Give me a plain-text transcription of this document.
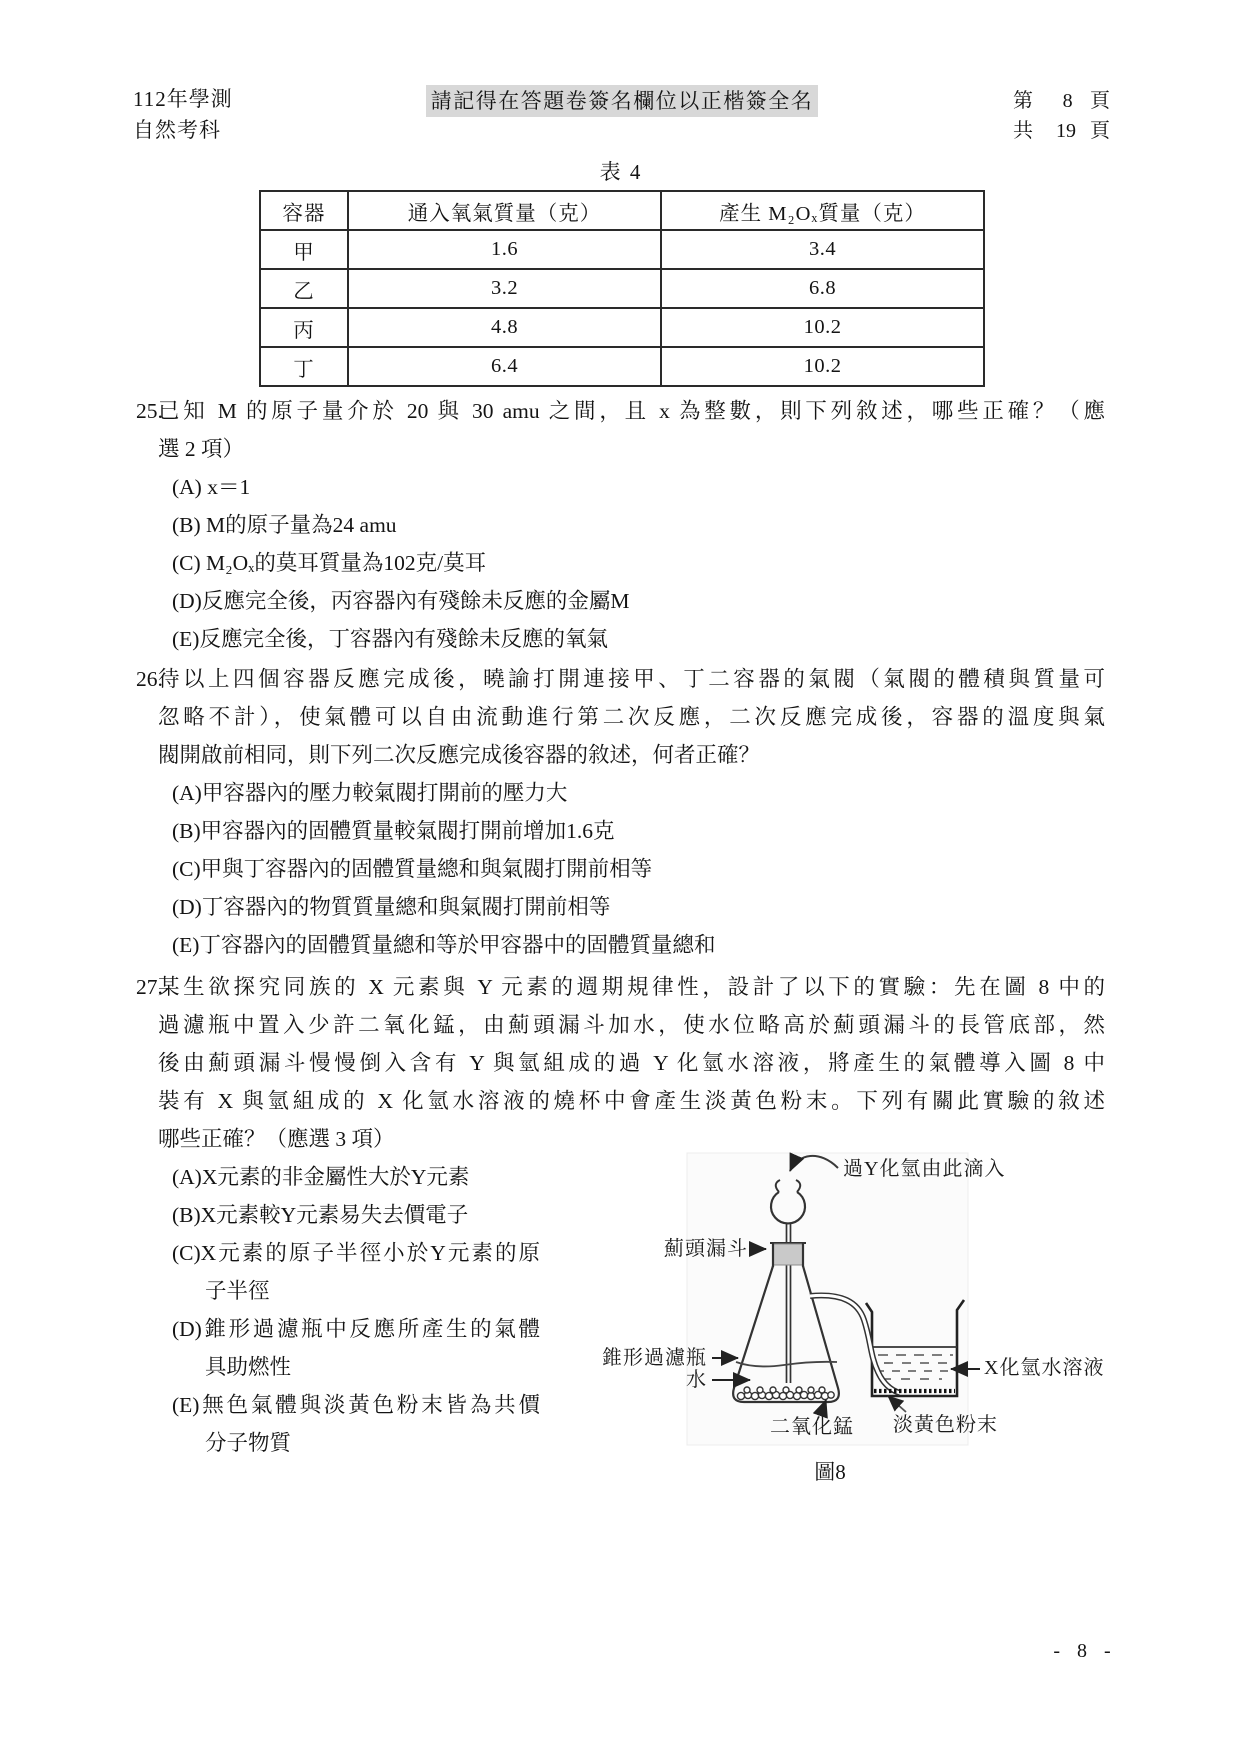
112年學測
自然考科
請記得在答題卷簽名欄位以正楷簽全名	第 8 頁
共 19 頁
表 4
容器	通入氧氣質量（克）	產生 M₂Oₓ質量（克）
甲	1.6	3.4
乙	3.2	6.8
丙	4.8	10.2
丁	6.4	10.2
25.
已知 M 的原子量介於 20 與 30 amu 之間，且 x 為整數，則下列敘述，哪些正確？（應
選 2 項）
(A) x＝1
(B) M的原子量為24 amu
(C) M₂Oₓ的莫耳質量為102克/莫耳
(D)反應完全後，丙容器內有殘餘未反應的金屬M
(E)反應完全後，丁容器內有殘餘未反應的氧氣
26.
待以上四個容器反應完成後，曉諭打開連接甲、丁二容器的氣閥（氣閥的體積與質量可
忽略不計），使氣體可以自由流動進行第二次反應，二次反應完成後，容器的溫度與氣
閥開啟前相同，則下列二次反應完成後容器的敘述，何者正確？
(A)甲容器內的壓力較氣閥打開前的壓力大
(B)甲容器內的固體質量較氣閥打開前增加1.6克
(C)甲與丁容器內的固體質量總和與氣閥打開前相等
(D)丁容器內的物質質量總和與氣閥打開前相等
(E)丁容器內的固體質量總和等於甲容器中的固體質量總和
27.
某生欲探究同族的 X 元素與 Y 元素的週期規律性，設計了以下的實驗：先在圖 8 中的
過濾瓶中置入少許二氧化錳，由薊頭漏斗加水，使水位略高於薊頭漏斗的長管底部，然
後由薊頭漏斗慢慢倒入含有 Y 與氫組成的過 Y 化氫水溶液，將產生的氣體導入圖 8 中
裝有 X 與氫組成的 X 化氫水溶液的燒杯中會產生淡黃色粉末。下列有關此實驗的敘述
哪些正確？（應選 3 項）
(A)X元素的非金屬性大於Y元素
(B)X元素較Y元素易失去價電子
(C)X元素的原子半徑小於Y元素的原
子半徑
(D)錐形過濾瓶中反應所產生的氣體
具助燃性
(E)無色氣體與淡黃色粉末皆為共價
分子物質
過Y化氫由此滴入
薊頭漏斗
錐形過濾瓶
水
二氧化錳 淡黃色粉末
X化氫水溶液
圖8
- 8 -
